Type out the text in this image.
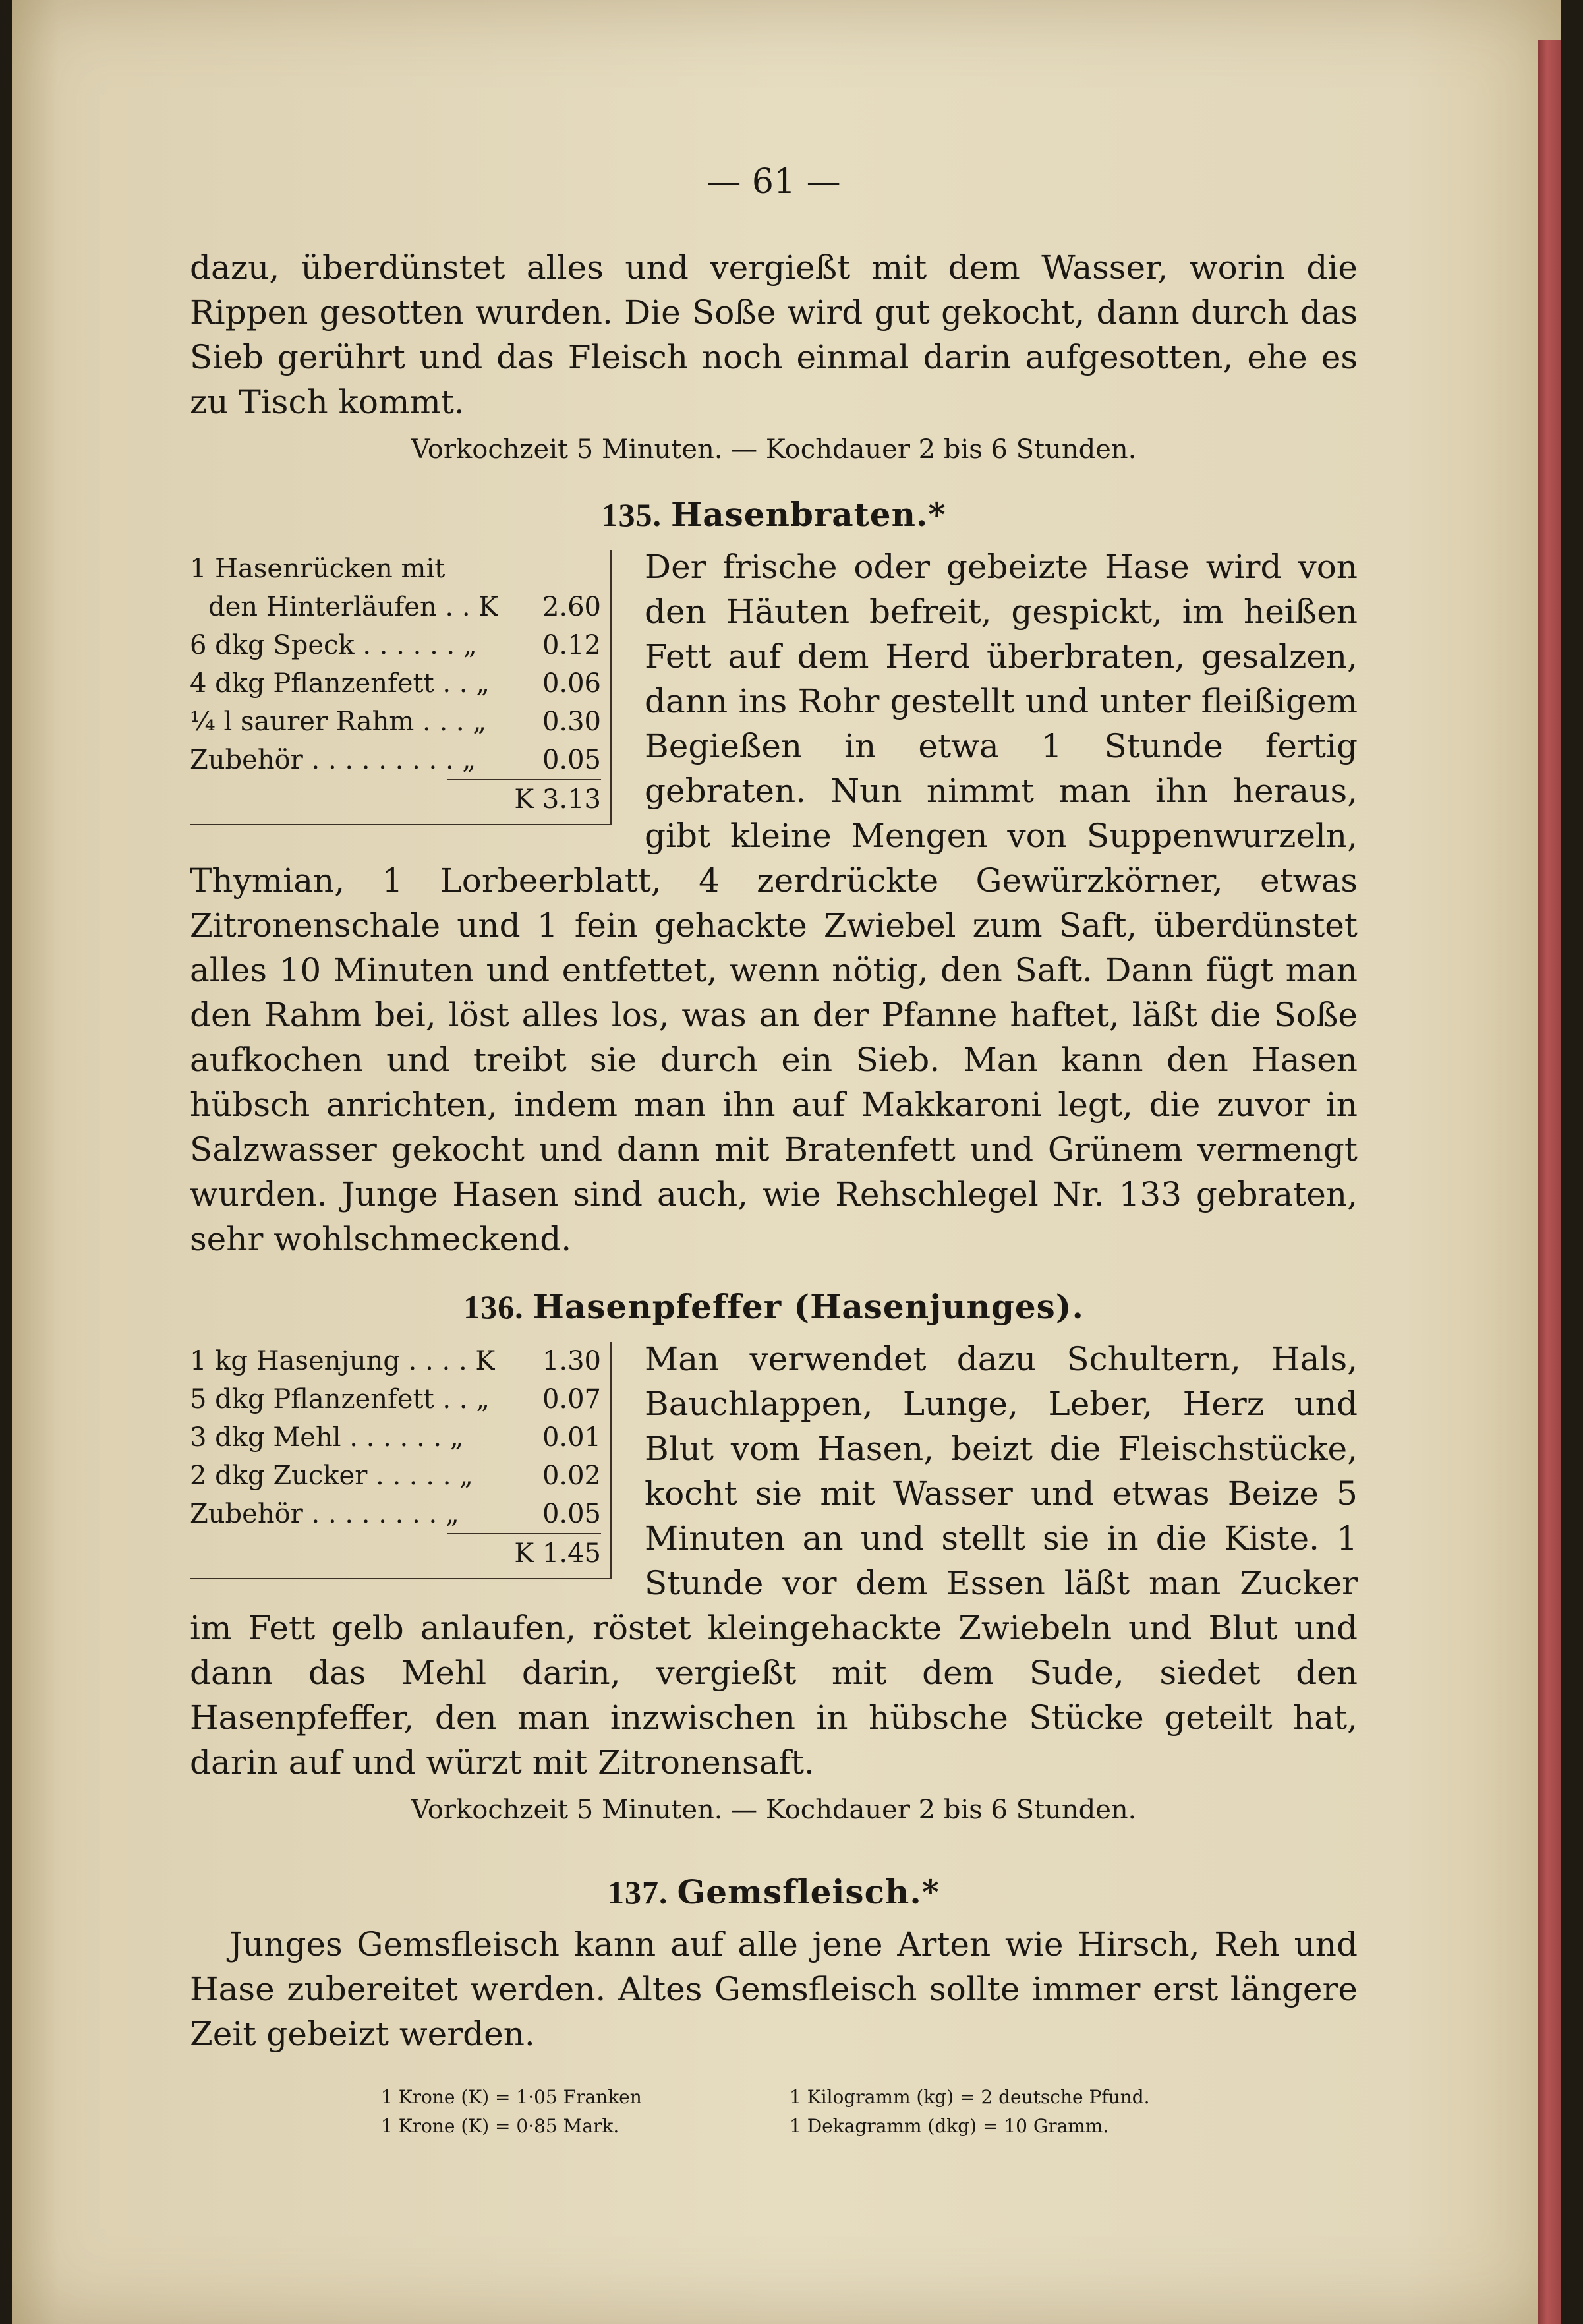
— 61 —

dazu, überdünstet alles und vergießt mit dem Wasser, worin die Rippen gesotten wurden. Die Soße wird gut gekocht, dann durch das Sieb gerührt und das Fleisch noch einmal darin aufgesotten, ehe es zu Tisch kommt.

Vorkochzeit 5 Minuten. — Kochdauer 2 bis 6 Stunden.

135. Hasenbraten.*
1 Hasenrücken mit
den Hinterläufen . . K	2.60
6 dkg Speck . . . . . . „	0.12
4 dkg Pflanzenfett . . „	0.06
¼ l saurer Rahm . . . „	0.30
Zubehör . . . . . . . . . „	0.05
K 3.13

Der frische oder gebeizte Hase wird von den Häuten befreit, gespickt, im heißen Fett auf dem Herd überbraten, gesalzen, dann ins Rohr gestellt und unter fleißigem Begießen in etwa 1 Stunde fertig gebraten. Nun nimmt man ihn heraus, gibt kleine Mengen von Suppenwurzeln, Thymian, 1 Lorbeerblatt, 4 zerdrückte Gewürzkörner, etwas Zitronenschale und 1 fein gehackte Zwiebel zum Saft, überdünstet alles 10 Minuten und entfettet, wenn nötig, den Saft. Dann fügt man den Rahm bei, löst alles los, was an der Pfanne haftet, läßt die Soße aufkochen und treibt sie durch ein Sieb. Man kann den Hasen hübsch anrichten, indem man ihn auf Makkaroni legt, die zuvor in Salzwasser gekocht und dann mit Bratenfett und Grünem vermengt wurden. Junge Hasen sind auch, wie Rehschlegel Nr. 133 gebraten, sehr wohlschmeckend.

136. Hasenpfeffer (Hasenjunges).
1 kg Hasenjung . . . . K	1.30
5 dkg Pflanzenfett . . „	0.07
3 dkg Mehl . . . . . . „	0.01
2 dkg Zucker . . . . . „	0.02
Zubehör . . . . . . . . „	0.05
K 1.45

Man verwendet dazu Schultern, Hals, Bauchlappen, Lunge, Leber, Herz und Blut vom Hasen, beizt die Fleischstücke, kocht sie mit Wasser und etwas Beize 5 Minuten an und stellt sie in die Kiste. 1 Stunde vor dem Essen läßt man Zucker im Fett gelb anlaufen, röstet kleingehackte Zwiebeln und Blut und dann das Mehl darin, vergießt mit dem Sude, siedet den Hasenpfeffer, den man inzwischen in hübsche Stücke geteilt hat, darin auf und würzt mit Zitronensaft.

Vorkochzeit 5 Minuten. — Kochdauer 2 bis 6 Stunden.

137. Gemsfleisch.*

Junges Gemsfleisch kann auf alle jene Arten wie Hirsch, Reh und Hase zubereitet werden. Altes Gemsfleisch sollte immer erst längere Zeit gebeizt werden.

1 Krone (K) = 1·05 Franken	1 Kilogramm (kg) = 2 deutsche Pfund.
1 Krone (K) = 0·85 Mark.	1 Dekagramm (dkg) = 10 Gramm.
